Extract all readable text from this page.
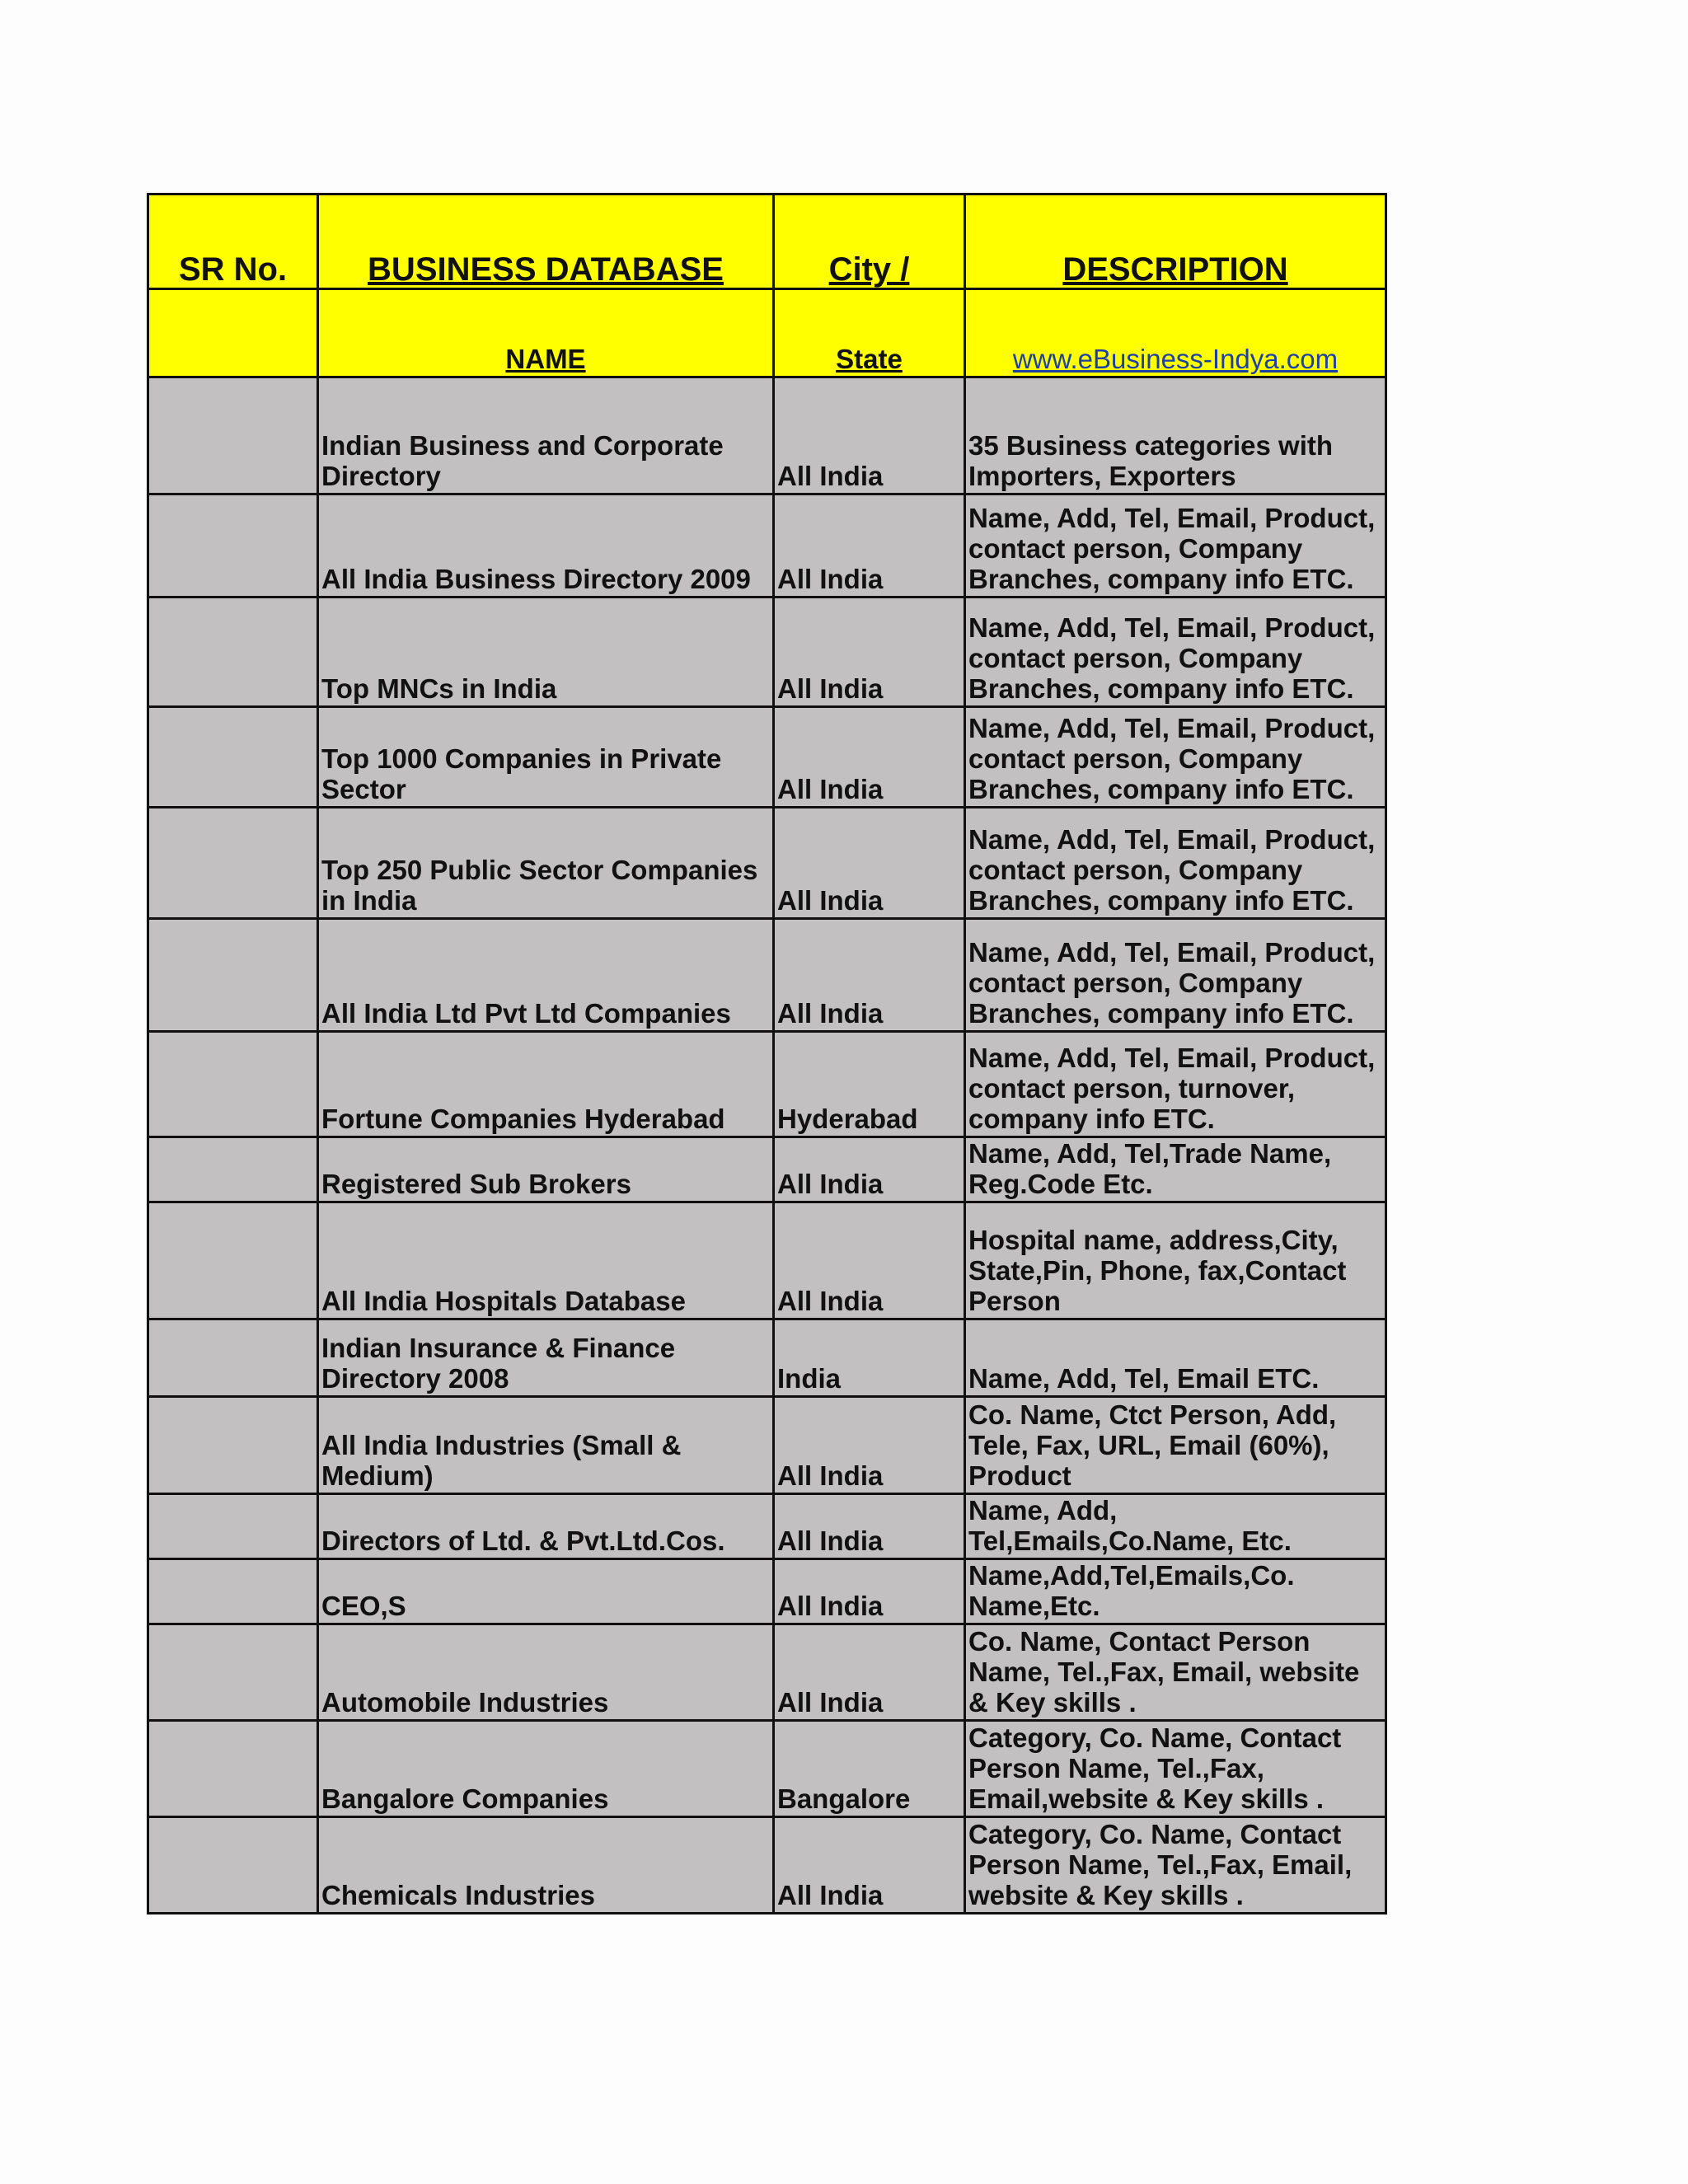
SR No.	BUSINESS DATABASE	City /	DESCRIPTION
	NAME	State	www.eBusiness-Indya.com
	Indian Business and Corporate Directory	All India	35 Business categories with Importers, Exporters
	All India Business Directory 2009	All India	Name, Add, Tel, Email, Product, contact person, Company Branches, company info ETC.
	Top MNCs in India	All India	Name, Add, Tel, Email, Product, contact person, Company Branches, company info ETC.
	Top 1000 Companies in Private Sector	All India	Name, Add, Tel, Email, Product, contact person, Company Branches, company info ETC.
	Top 250 Public Sector Companies in India	All India	Name, Add, Tel, Email, Product, contact person, Company Branches, company info ETC.
	All India Ltd Pvt Ltd Companies	All India	Name, Add, Tel, Email, Product, contact person, Company Branches, company info ETC.
	Fortune Companies Hyderabad	Hyderabad	Name, Add, Tel, Email, Product, contact person, turnover, company info ETC.
	Registered Sub Brokers	All India	Name, Add, Tel,Trade Name, Reg.Code Etc.
	All India Hospitals Database	All India	Hospital name, address,City, State,Pin, Phone, fax,Contact Person
	Indian Insurance & Finance Directory 2008	India	Name, Add, Tel, Email ETC.
	All India Industries (Small & Medium)	All India	Co. Name, Ctct Person, Add, Tele, Fax, URL, Email (60%), Product
	Directors of Ltd. & Pvt.Ltd.Cos.	All India	Name, Add, Tel,Emails,Co.Name, Etc.
	CEO,S	All India	Name,Add,Tel,Emails,Co. Name,Etc.
	Automobile Industries	All India	Co. Name, Contact Person Name, Tel.,Fax, Email, website & Key skills .
	Bangalore Companies	Bangalore	Category, Co. Name, Contact Person Name, Tel.,Fax, Email,website & Key skills .
	Chemicals Industries	All India	Category, Co. Name, Contact Person Name, Tel.,Fax, Email, website & Key skills .
